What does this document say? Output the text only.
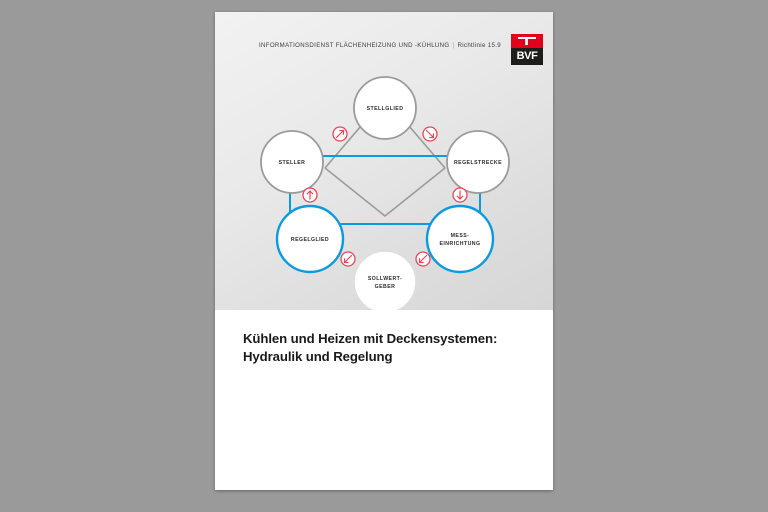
INFORMATIONSDIENST FLÄCHENHEIZUNG UND -KÜHLUNG | Richtlinie 15.9
BVF
STELLGLIED
STELLER	REGELSTRECKE
REGELGLIED
MESS-
EINRICHTUNG
SOLLWERT-
GEBER
Kühlen und Heizen mit Deckensystemen:
Hydraulik und Regelung
